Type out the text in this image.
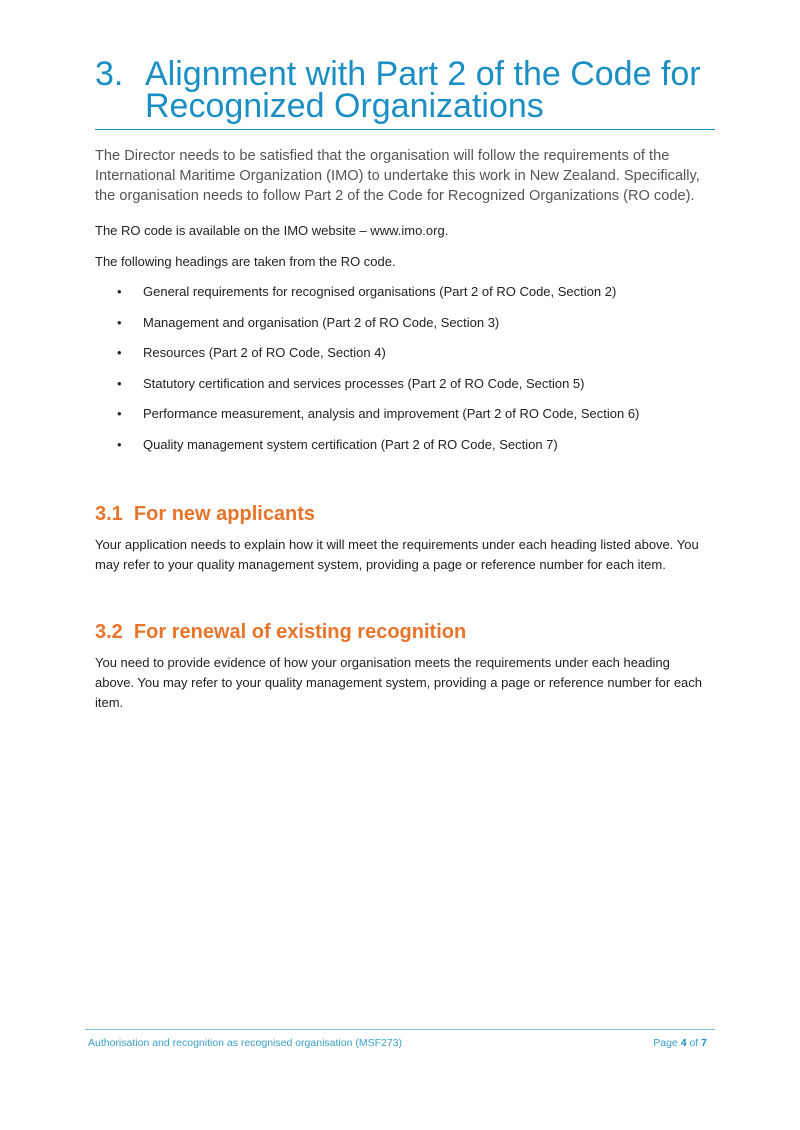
3. Alignment with Part 2 of the Code for Recognized Organizations

The Director needs to be satisfied that the organisation will follow the requirements of the International Maritime Organization (IMO) to undertake this work in New Zealand. Specifically, the organisation needs to follow Part 2 of the Code for Recognized Organizations (RO code).

The RO code is available on the IMO website – www.imo.org.

The following headings are taken from the RO code.

• General requirements for recognised organisations (Part 2 of RO Code, Section 2)
• Management and organisation (Part 2 of RO Code, Section 3)
• Resources (Part 2 of RO Code, Section 4)
• Statutory certification and services processes (Part 2 of RO Code, Section 5)
• Performance measurement, analysis and improvement (Part 2 of RO Code, Section 6)
• Quality management system certification (Part 2 of RO Code, Section 7)
3.1  For new applicants

Your application needs to explain how it will meet the requirements under each heading listed above. You may refer to your quality management system, providing a page or reference number for each item.

3.2  For renewal of existing recognition

You need to provide evidence of how your organisation meets the requirements under each heading above. You may refer to your quality management system, providing a page or reference number for each item.

Authorisation and recognition as recognised organisation (MSF273)	Page 4 of 7
